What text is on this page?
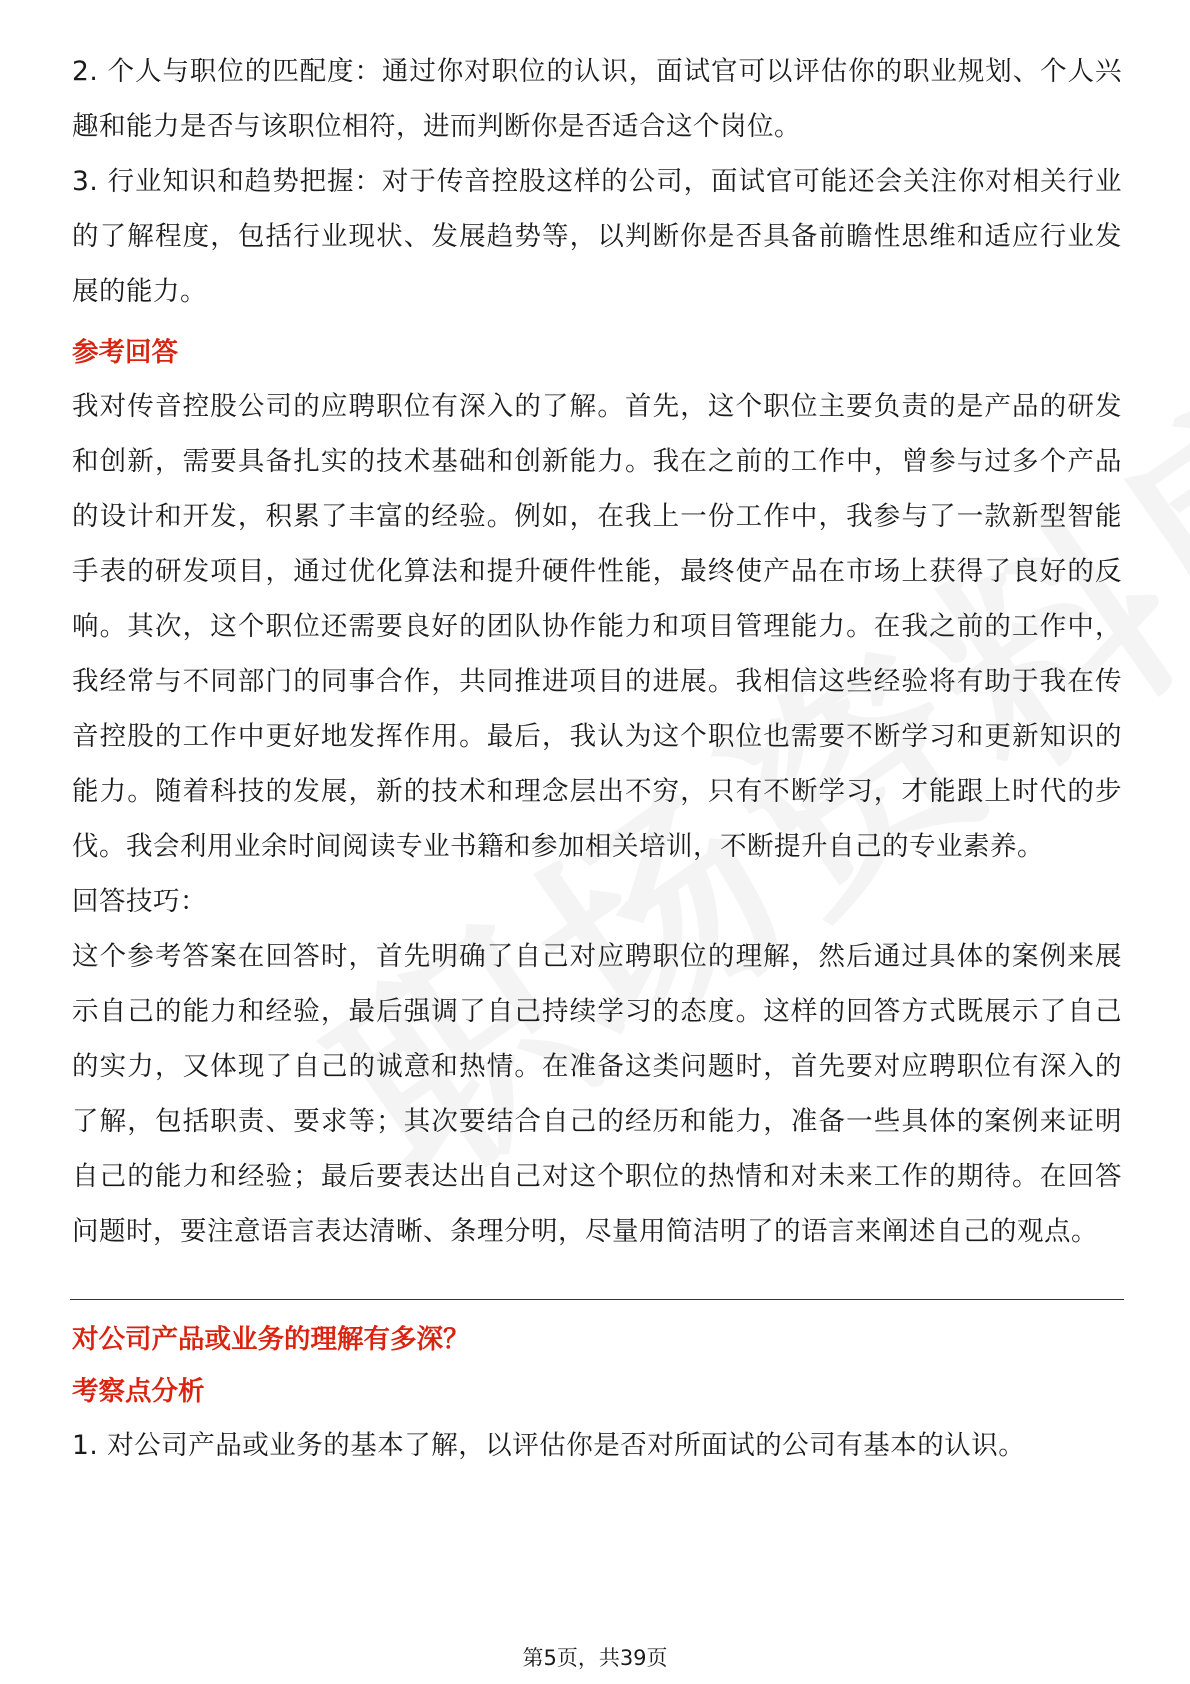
2. 个人与职位的匹配度：通过你对职位的认识，面试官可以评估你的职业规划、个人兴趣和能力是否与该职位相符，进而判断你是否适合这个岗位。

3. 行业知识和趋势把握：对于传音控股这样的公司，面试官可能还会关注你对相关行业的了解程度，包括行业现状、发展趋势等，以判断你是否具备前瞻性思维和适应行业发展的能力。

参考回答

我对传音控股公司的应聘职位有深入的了解。首先，这个职位主要负责的是产品的研发和创新，需要具备扎实的技术基础和创新能力。我在之前的工作中，曾参与过多个产品的设计和开发，积累了丰富的经验。例如，在我上一份工作中，我参与了一款新型智能手表的研发项目，通过优化算法和提升硬件性能，最终使产品在市场上获得了良好的反响。其次，这个职位还需要良好的团队协作能力和项目管理能力。在我之前的工作中，我经常与不同部门的同事合作，共同推进项目的进展。我相信这些经验将有助于我在传音控股的工作中更好地发挥作用。最后，我认为这个职位也需要不断学习和更新知识的能力。随着科技的发展，新的技术和理念层出不穷，只有不断学习，才能跟上时代的步伐。我会利用业余时间阅读专业书籍和参加相关培训，不断提升自己的专业素养。

回答技巧：

这个参考答案在回答时，首先明确了自己对应聘职位的理解，然后通过具体的案例来展示自己的能力和经验，最后强调了自己持续学习的态度。这样的回答方式既展示了自己的实力，又体现了自己的诚意和热情。在准备这类问题时，首先要对应聘职位有深入的了解，包括职责、要求等；其次要结合自己的经历和能力，准备一些具体的案例来证明自己的能力和经验；最后要表达出自己对这个职位的热情和对未来工作的期待。在回答问题时，要注意语言表达清晰、条理分明，尽量用简洁明了的语言来阐述自己的观点。

对公司产品或业务的理解有多深？

考察点分析

1. 对公司产品或业务的基本了解，以评估你是否对所面试的公司有基本的认识。

第5页，共39页
